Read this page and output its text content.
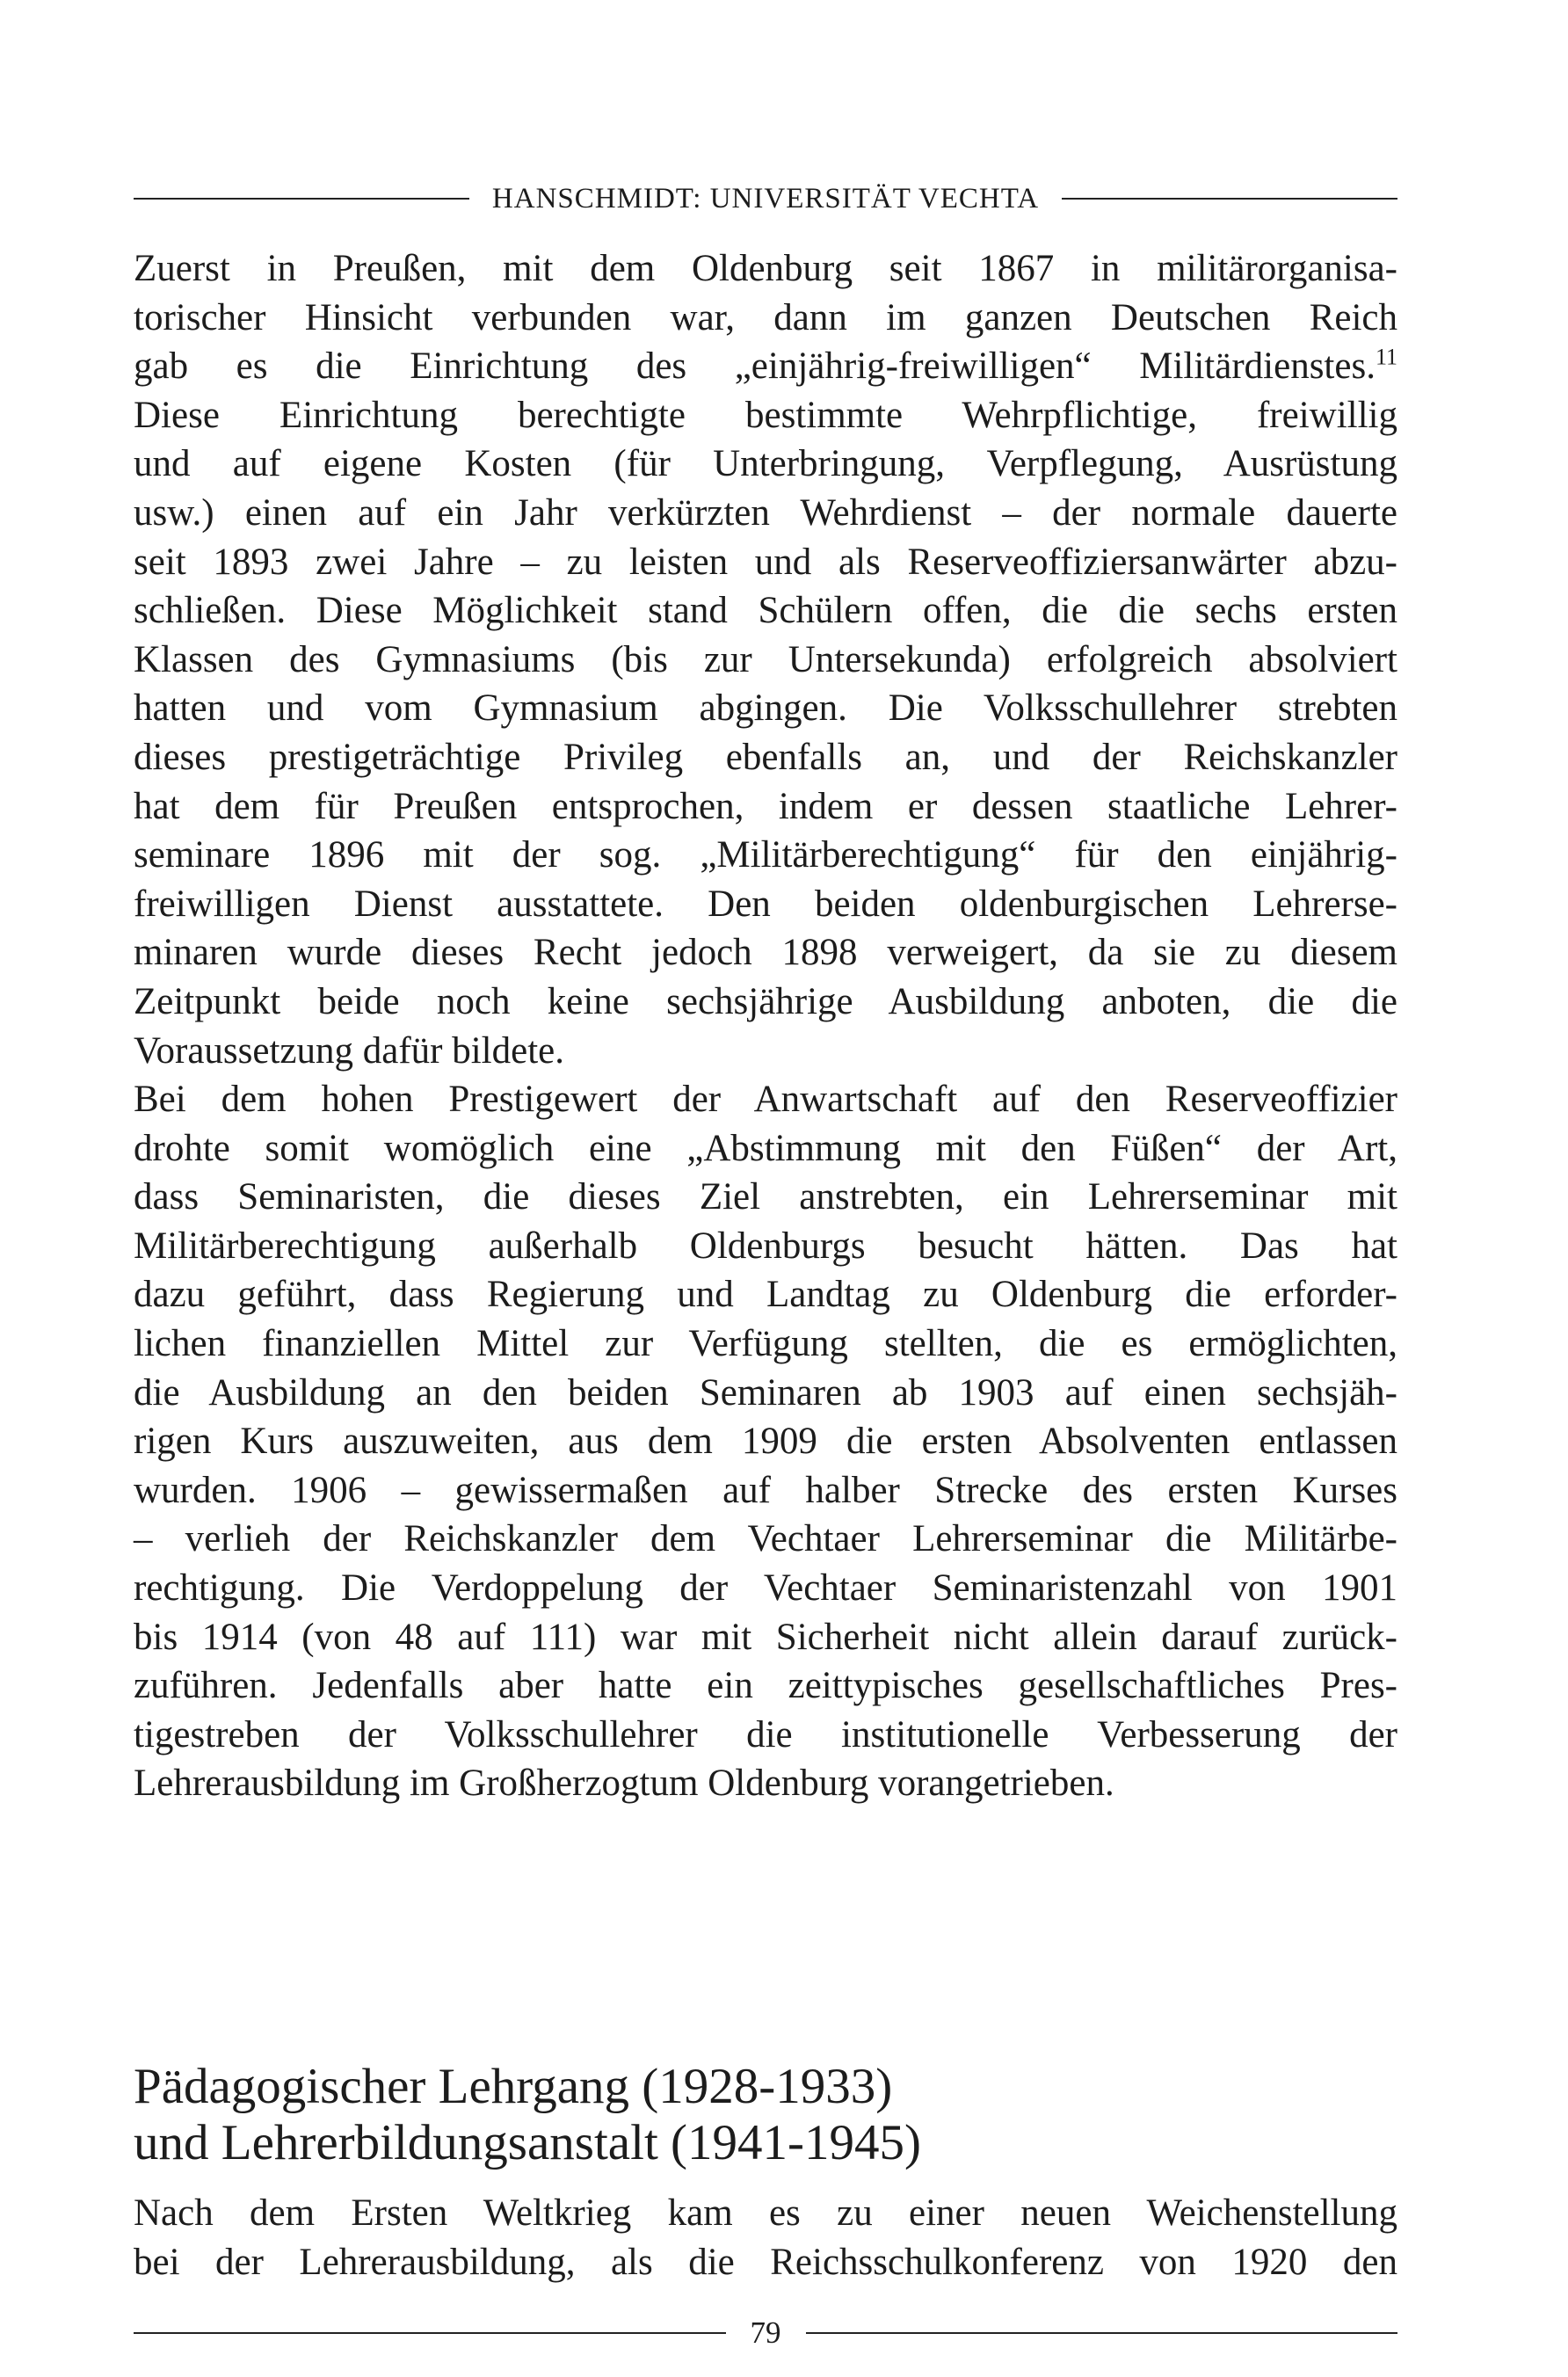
HANSCHMIDT: UNIVERSITÄT VECHTA
Zuerst in Preußen, mit dem Oldenburg seit 1867 in militärorganisa-
torischer Hinsicht verbunden war, dann im ganzen Deutschen Reich
gab es die Einrichtung des „einjährig-freiwilligen“ Militärdienstes.$^{11}$
Diese Einrichtung berechtigte bestimmte Wehrpflichtige, freiwillig
und auf eigene Kosten (für Unterbringung, Verpflegung, Ausrüstung
usw.) einen auf ein Jahr verkürzten Wehrdienst – der normale dauerte
seit 1893 zwei Jahre – zu leisten und als Reserveoffiziersanwärter abzu-
schließen. Diese Möglichkeit stand Schülern offen, die die sechs ersten
Klassen des Gymnasiums (bis zur Untersekunda) erfolgreich absolviert
hatten und vom Gymnasium abgingen. Die Volksschullehrer strebten
dieses prestigeträchtige Privileg ebenfalls an, und der Reichskanzler
hat dem für Preußen entsprochen, indem er dessen staatliche Lehrer-
seminare 1896 mit der sog. „Militärberechtigung“ für den einjährig-
freiwilligen Dienst ausstattete. Den beiden oldenburgischen Lehrerse-
minaren wurde dieses Recht jedoch 1898 verweigert, da sie zu diesem
Zeitpunkt beide noch keine sechsjährige Ausbildung anboten, die die
Voraussetzung dafür bildete.
Bei dem hohen Prestigewert der Anwartschaft auf den Reserveoffizier
drohte somit womöglich eine „Abstimmung mit den Füßen“ der Art,
dass Seminaristen, die dieses Ziel anstrebten, ein Lehrerseminar mit
Militärberechtigung außerhalb Oldenburgs besucht hätten. Das hat
dazu geführt, dass Regierung und Landtag zu Oldenburg die erforder-
lichen finanziellen Mittel zur Verfügung stellten, die es ermöglichten,
die Ausbildung an den beiden Seminaren ab 1903 auf einen sechsjäh-
rigen Kurs auszuweiten, aus dem 1909 die ersten Absolventen entlassen
wurden. 1906 – gewissermaßen auf halber Strecke des ersten Kurses
– verlieh der Reichskanzler dem Vechtaer Lehrerseminar die Militärbe-
rechtigung. Die Verdoppelung der Vechtaer Seminaristenzahl von 1901
bis 1914 (von 48 auf 111) war mit Sicherheit nicht allein darauf zurück-
zuführen. Jedenfalls aber hatte ein zeittypisches gesellschaftliches Pres-
tigestreben der Volksschullehrer die institutionelle Verbesserung der
Lehrerausbildung im Großherzogtum Oldenburg vorangetrieben.
Pädagogischer Lehrgang (1928-1933)
und Lehrerbildungsanstalt (1941-1945)
Nach dem Ersten Weltkrieg kam es zu einer neuen Weichenstellung
bei der Lehrerausbildung, als die Reichsschulkonferenz von 1920 den
79
